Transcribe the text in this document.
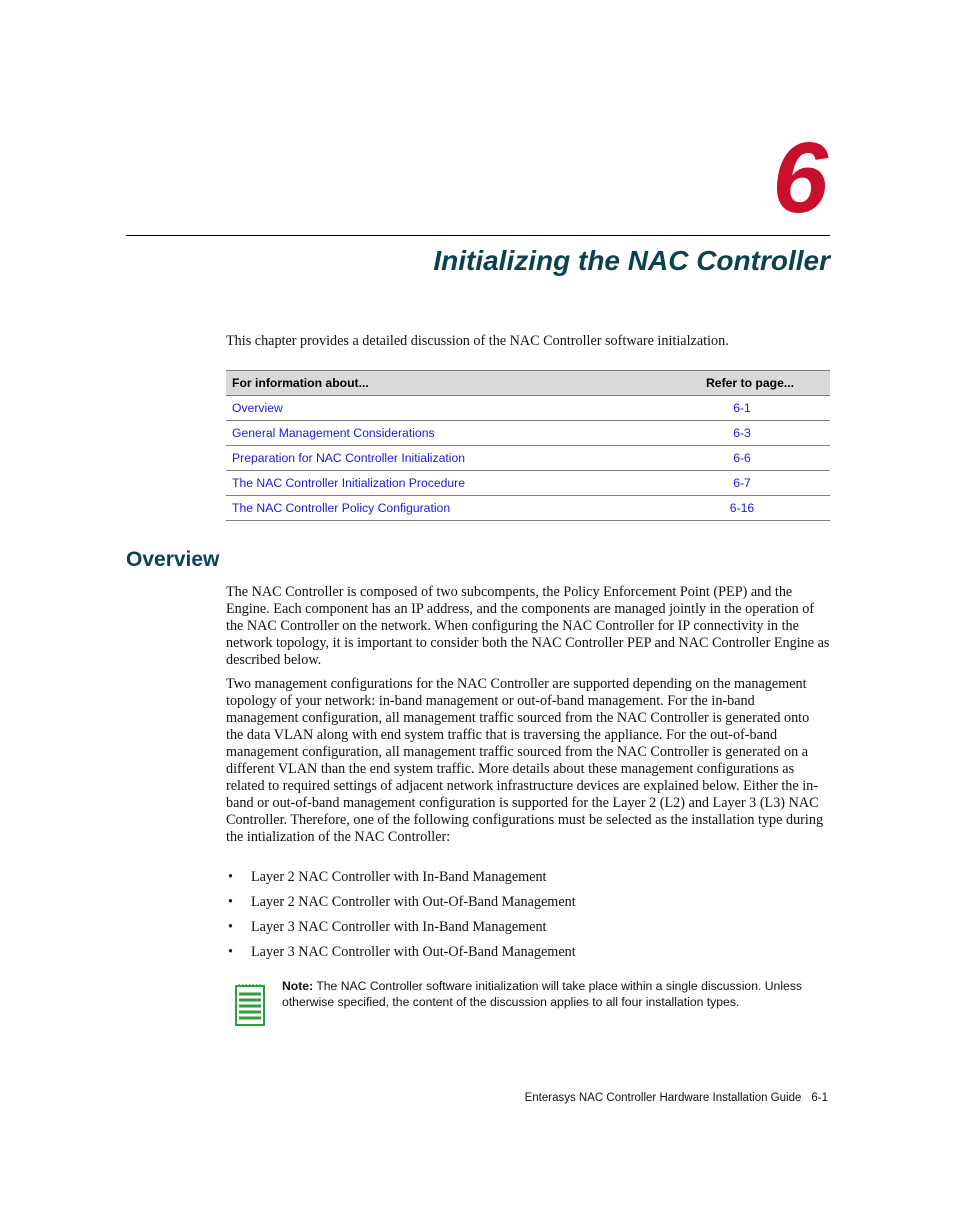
6
Initializing the NAC Controller

This chapter provides a detailed discussion of the NAC Controller software initialzation.

For information about...	Refer to page...
Overview	6-1
General Management Considerations	6-3
Preparation for NAC Controller Initialization	6-6
The NAC Controller Initialization Procedure	6-7
The NAC Controller Policy Configuration	6-16
Overview

The NAC Controller is composed of two subcompents, the Policy Enforcement Point (PEP) and the Engine. Each component has an IP address, and the components are managed jointly in the operation of the NAC Controller on the network. When configuring the NAC Controller for IP connectivity in the network topology, it is important to consider both the NAC Controller PEP and NAC Controller Engine as described below.

Two management configurations for the NAC Controller are supported depending on the management topology of your network: in-band management or out-of-band management. For the in-band management configuration, all management traffic sourced from the NAC Controller is generated onto the data VLAN along with end system traffic that is traversing the appliance. For the out-of-band management configuration, all management traffic sourced from the NAC Controller is generated on a different VLAN than the end system traffic. More details about these management configurations as related to required settings of adjacent network infrastructure devices are explained below. Either the in-band or out-of-band management configuration is supported for the Layer 2 (L2) and Layer 3 (L3) NAC Controller. Therefore, one of the following configurations must be selected as the installation type during the intialization of the NAC Controller:

• Layer 2 NAC Controller with In-Band Management
• Layer 2 NAC Controller with Out-Of-Band Management
• Layer 3 NAC Controller with In-Band Management
• Layer 3 NAC Controller with Out-Of-Band Management

Note: The NAC Controller software initialization will take place within a single discussion. Unless otherwise specified, the content of the discussion applies to all four installation types.

Enterasys NAC Controller Hardware Installation Guide 6-1
